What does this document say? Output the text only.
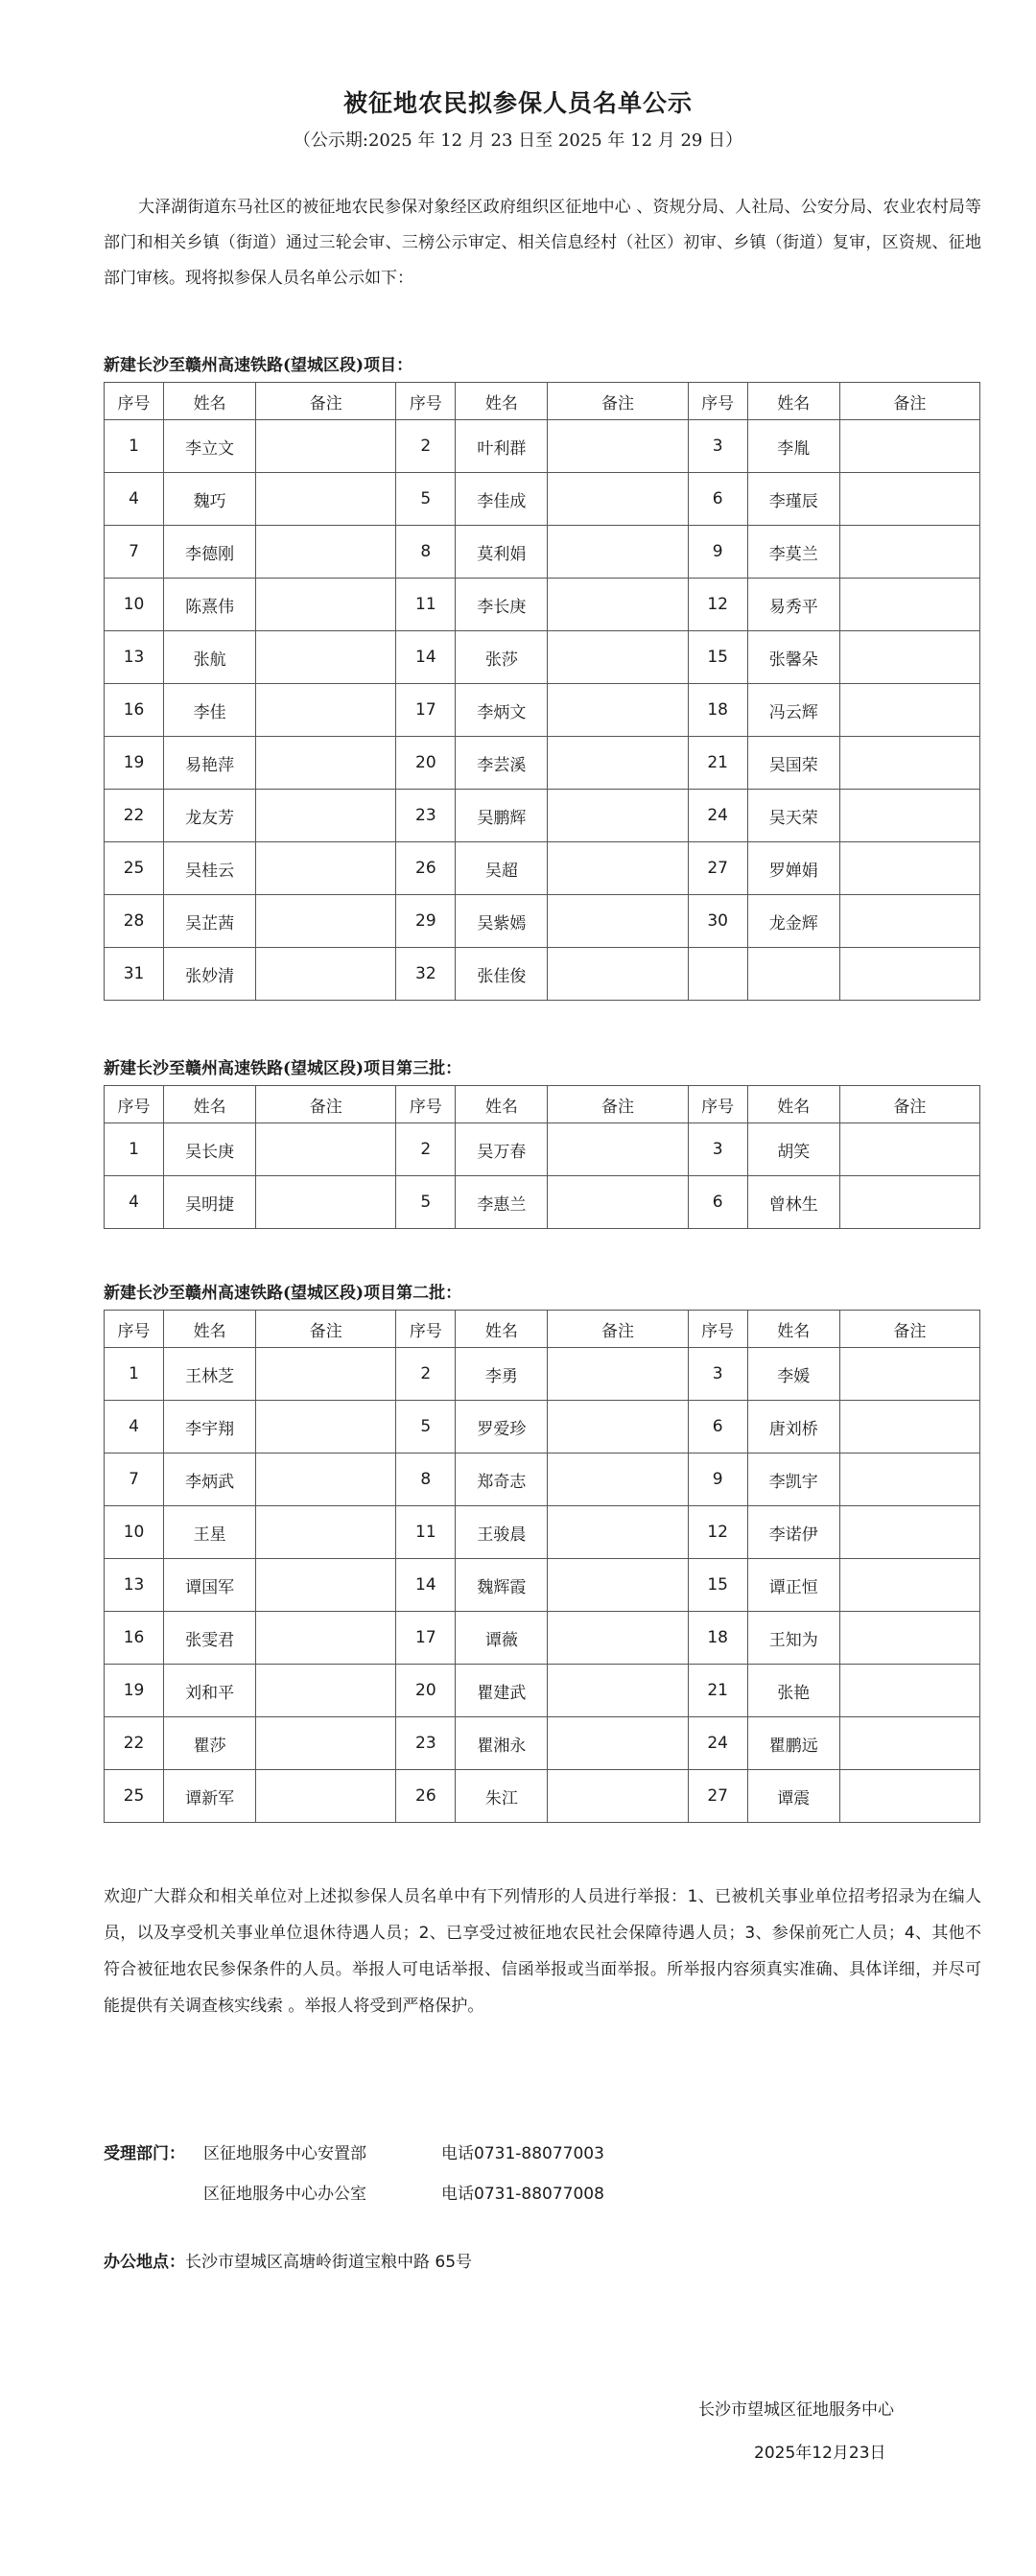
被征地农民拟参保人员名单公示
（公示期:2025 年 12 月 23 日至 2025 年 12 月 29 日）
大泽湖街道东马社区的被征地农民参保对象经区政府组织区征地中心 、资规分局、人社局、公安分局、农业农村局等部门和相关乡镇（街道）通过三轮会审、三榜公示审定、相关信息经村（社区）初审、乡镇（街道）复审，区资规、征地部门审核。现将拟参保人员名单公示如下：
新建长沙至赣州高速铁路(望城区段)项目：
序号	姓名	备注	序号	姓名	备注	序号	姓名	备注
1	李立文		2	叶利群		3	李胤	
4	魏巧		5	李佳成		6	李瑾辰	
7	李德刚		8	莫利娟		9	李莫兰	
10	陈熹伟		11	李长庚		12	易秀平	
13	张航		14	张莎		15	张馨朵	
16	李佳		17	李炳文		18	冯云辉	
19	易艳萍		20	李芸溪		21	吴国荣	
22	龙友芳		23	吴鹏辉		24	吴天荣	
25	吴桂云		26	吴超		27	罗婵娟	
28	吴芷茜		29	吴紫嫣		30	龙金辉	
31	张妙清		32	张佳俊				
新建长沙至赣州高速铁路(望城区段)项目第三批：
序号	姓名	备注	序号	姓名	备注	序号	姓名	备注
1	吴长庚		2	吴万春		3	胡笑	
4	吴明捷		5	李惠兰		6	曾林生	
新建长沙至赣州高速铁路(望城区段)项目第二批：
序号	姓名	备注	序号	姓名	备注	序号	姓名	备注
1	王林芝		2	李勇		3	李媛	
4	李宇翔		5	罗爱珍		6	唐刘桥	
7	李炳武		8	郑奇志		9	李凯宇	
10	王星		11	王骏晨		12	李诺伊	
13	谭国军		14	魏辉霞		15	谭正恒	
16	张雯君		17	谭薇		18	王知为	
19	刘和平		20	瞿建武		21	张艳	
22	瞿莎		23	瞿湘永		24	瞿鹏远	
25	谭新军		26	朱江		27	谭震	
欢迎广大群众和相关单位对上述拟参保人员名单中有下列情形的人员进行举报：1、已被机关事业单位招考招录为在编人员，以及享受机关事业单位退休待遇人员；2、已享受过被征地农民社会保障待遇人员；3、参保前死亡人员；4、其他不符合被征地农民参保条件的人员。举报人可电话举报、信函举报或当面举报。所举报内容须真实准确、具体详细，并尽可能提供有关调查核实线索 。举报人将受到严格保护。
受理部门： 区征地服务中心安置部	电话0731-88077003
区征地服务中心办公室	电话0731-88077008
办公地点：长沙市望城区高塘岭街道宝粮中路 65号
长沙市望城区征地服务中心
2025年12月23日
